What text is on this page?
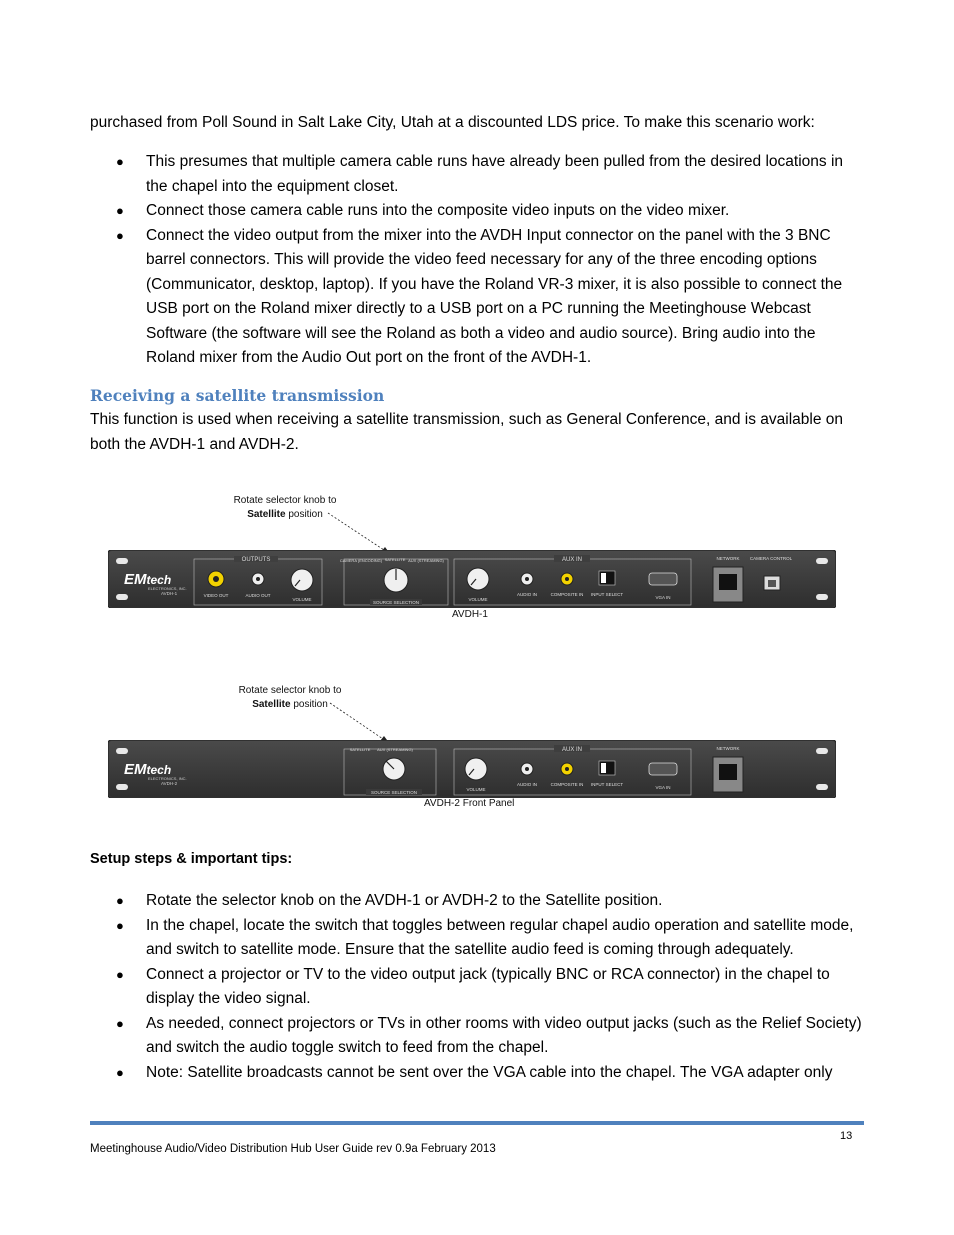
purchased from Poll Sound in Salt Lake City, Utah at a discounted LDS price. To make this scenario work:

● This presumes that multiple camera cable runs have already been pulled from the desired locations in the chapel into the equipment closet.
● Connect those camera cable runs into the composite video inputs on the video mixer.
● Connect the video output from the mixer into the AVDH Input connector on the panel with the 3 BNC barrel connectors. This will provide the video feed necessary for any of the three encoding options (Communicator, desktop, laptop). If you have the Roland VR-3 mixer, it is also possible to connect the USB port on the Roland mixer directly to a USB port on a PC running the Meetinghouse Webcast Software (the software will see the Roland as both a video and audio source). Bring audio into the Roland mixer from the Audio Out port on the front of the AVDH-1.
Receiving a satellite transmission

This function is used when receiving a satellite transmission, such as General Conference, and is available on both the AVDH-1 and AVDH-2.

Rotate selector knob to
Satellite position
EMtech
ELECTRONICS, INC.
AVDH-1
OUTPUTS
VIDEO OUT	AUDIO OUT
VOLUME
CAMERA (ENCODING) SATELLITE AUX (STREAMING)
SOURCE SELECTION
AUX IN
VOLUME
AUDIO IN	COMPOSITE IN INPUT SELECT
VGA IN
NETWORK CAMERA CONTROL
AVDH-1
Rotate selector knob to
Satellite position
EMtech
ELECTRONICS, INC.
AVDH-2
SATELLITE AUX (STREAMING)
SOURCE SELECTION
AUX IN
VOLUME
AUDIO IN	COMPOSITE IN INPUT SELECT
VGA IN
NETWORK
AVDH-2 Front Panel
Setup steps & important tips:
● Rotate the selector knob on the AVDH-1 or AVDH-2 to the Satellite position.
● In the chapel, locate the switch that toggles between regular chapel audio operation and satellite mode, and switch to satellite mode. Ensure that the satellite audio feed is coming through adequately.
● Connect a projector or TV to the video output jack (typically BNC or RCA connector) in the chapel to display the video signal.
● As needed, connect projectors or TVs in other rooms with video output jacks (such as the Relief Society) and switch the audio toggle switch to feed from the chapel.
● Note: Satellite broadcasts cannot be sent over the VGA cable into the chapel. The VGA adapter only
13
Meetinghouse Audio/Video Distribution Hub User Guide rev 0.9a February 2013
